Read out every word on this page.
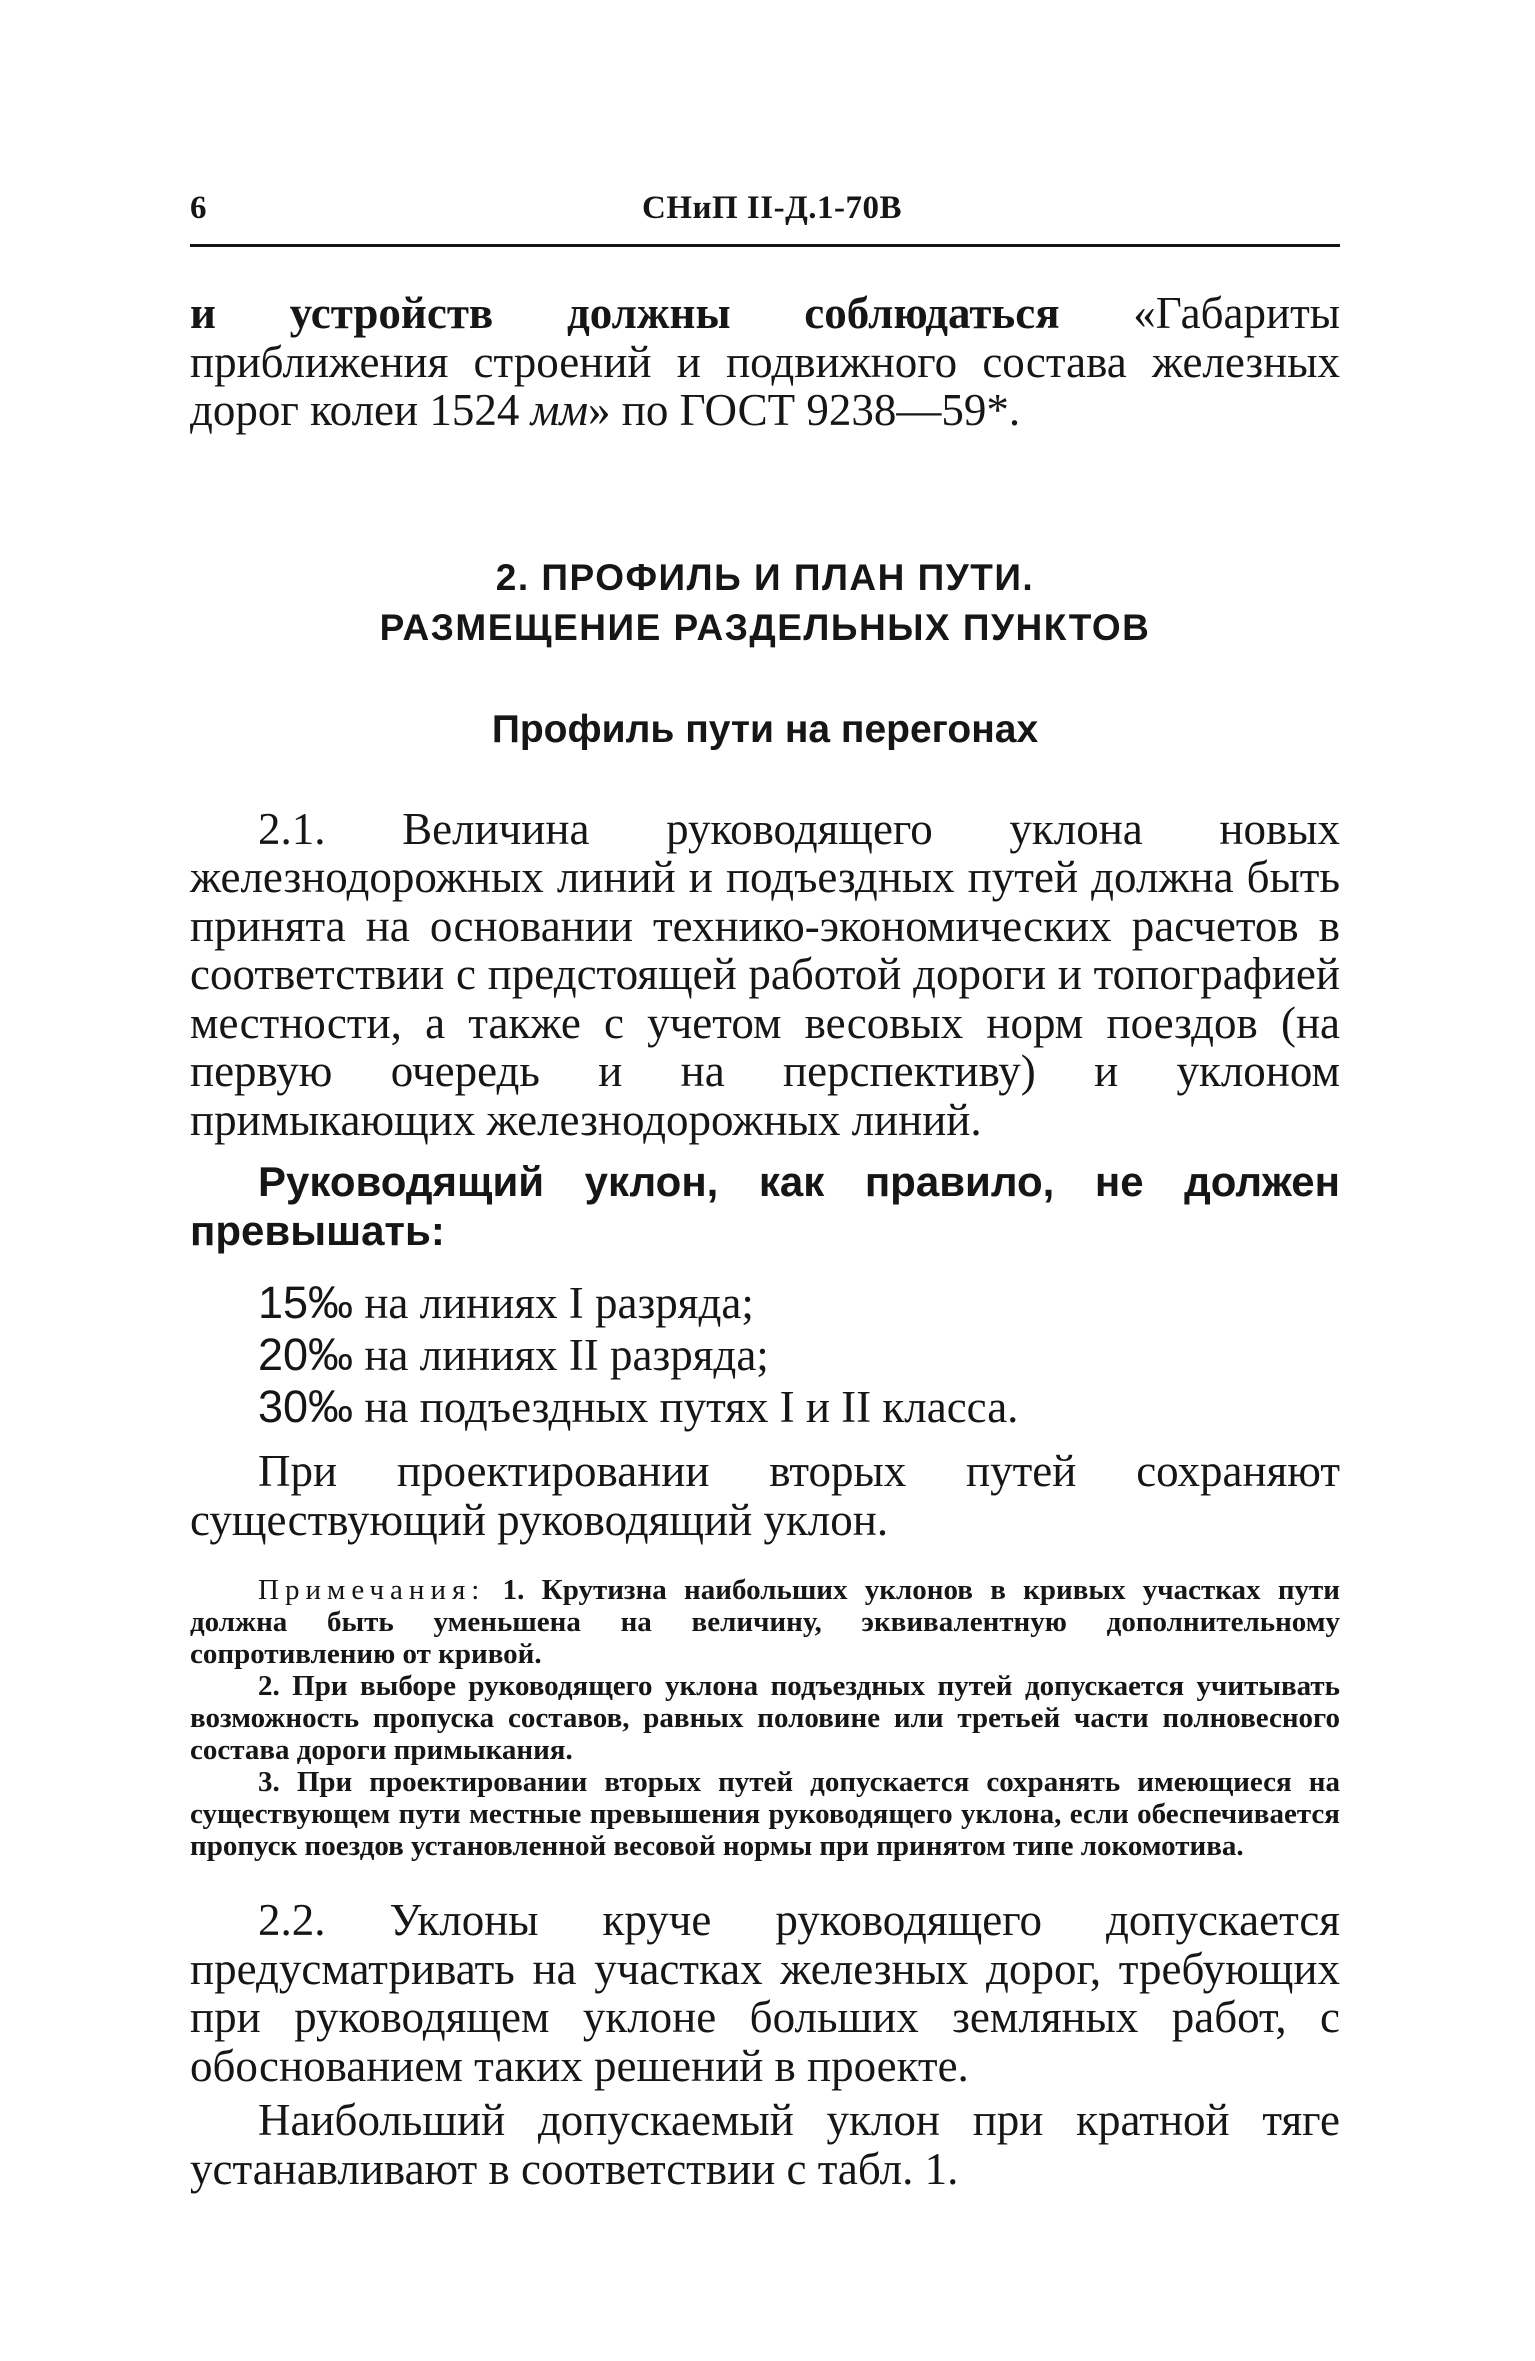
6	СНиП II-Д.1-70В

и устройств должны соблюдаться «Габариты приближения строений и подвижного состава железных дорог колеи 1524 мм» по ГОСТ 9238—59*.

2. ПРОФИЛЬ И ПЛАН ПУТИ.
РАЗМЕЩЕНИЕ РАЗДЕЛЬНЫХ ПУНКТОВ
Профиль пути на перегонах

2.1. Величина руководящего уклона новых железнодорожных линий и подъездных путей должна быть принята на основании технико-экономических расчетов в соответствии с предстоящей работой дороги и топографией местности, а также с учетом весовых норм поездов (на первую очередь и на перспективу) и уклоном примыкающих железнодорожных линий.

Руководящий уклон, как правило, не должен превышать:

15‰ на линиях I разряда;
20‰ на линиях II разряда;
30‰ на подъездных путях I и II класса.

При проектировании вторых путей сохраняют существующий руководящий уклон.

Примечания: 1. Крутизна наибольших уклонов в кривых участках пути должна быть уменьшена на величину, эквивалентную дополнительному сопротивлению от кривой.

2. При выборе руководящего уклона подъездных путей допускается учитывать возможность пропуска составов, равных половине или третьей части полновесного состава дороги примыкания.

3. При проектировании вторых путей допускается сохранять имеющиеся на существующем пути местные превышения руководящего уклона, если обеспечивается пропуск поездов установленной весовой нормы при принятом типе локомотива.

2.2. Уклоны круче руководящего допускается предусматривать на участках железных дорог, требующих при руководящем уклоне больших земляных работ, с обоснованием таких решений в проекте.

Наибольший допускаемый уклон при кратной тяге устанавливают в соответствии с табл. 1.
